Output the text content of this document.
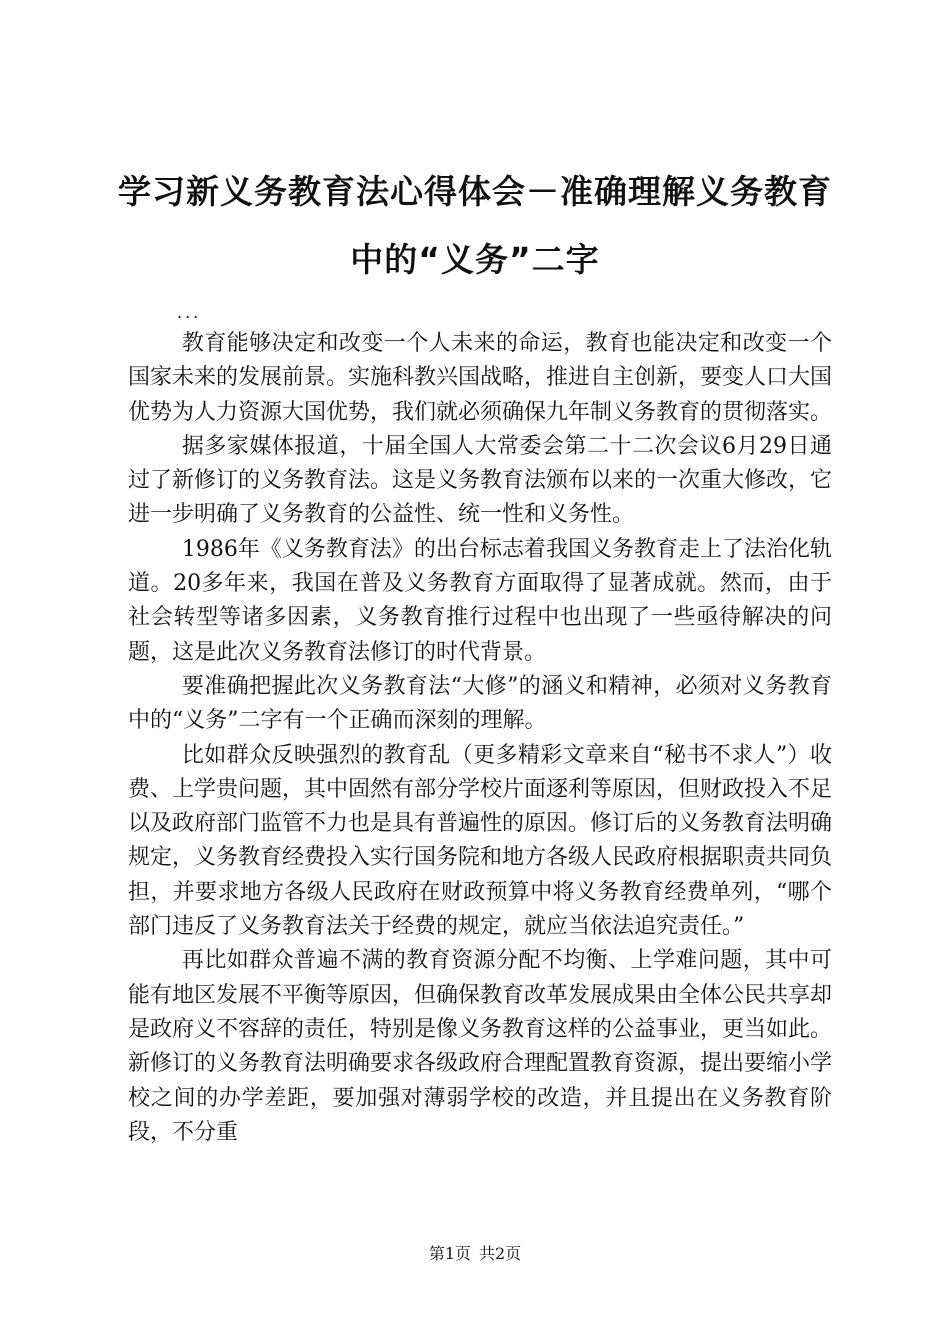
学习新义务教育法心得体会－准确理解义务教育中的“义务”二字
...

教育能够决定和改变一个人未来的命运，教育也能决定和改变一个国家未来的发展前景。实施科教兴国战略，推进自主创新，要变人口大国优势为人力资源大国优势，我们就必须确保九年制义务教育的贯彻落实。

据多家媒体报道，十届全国人大常委会第二十二次会议6月29日通过了新修订的义务教育法。这是义务教育法颁布以来的一次重大修改，它进一步明确了义务教育的公益性、统一性和义务性。

1986年《义务教育法》的出台标志着我国义务教育走上了法治化轨道。20多年来，我国在普及义务教育方面取得了显著成就。然而，由于社会转型等诸多因素，义务教育推行过程中也出现了一些亟待解决的问题，这是此次义务教育法修订的时代背景。

要准确把握此次义务教育法“大修”的涵义和精神，必须对义务教育中的“义务”二字有一个正确而深刻的理解。

比如群众反映强烈的教育乱（更多精彩文章来自“秘书不求人”）收费、上学贵问题，其中固然有部分学校片面逐利等原因，但财政投入不足以及政府部门监管不力也是具有普遍性的原因。修订后的义务教育法明确规定，义务教育经费投入实行国务院和地方各级人民政府根据职责共同负担，并要求地方各级人民政府在财政预算中将义务教育经费单列，“哪个部门违反了义务教育法关于经费的规定，就应当依法追究责任。”

再比如群众普遍不满的教育资源分配不均衡、上学难问题，其中可能有地区发展不平衡等原因，但确保教育改革发展成果由全体公民共享却是政府义不容辞的责任，特别是像义务教育这样的公益事业，更当如此。新修订的义务教育法明确要求各级政府合理配置教育资源，提出要缩小学校之间的办学差距，要加强对薄弱学校的改造，并且提出在义务教育阶段，不分重

第1页 共2页
